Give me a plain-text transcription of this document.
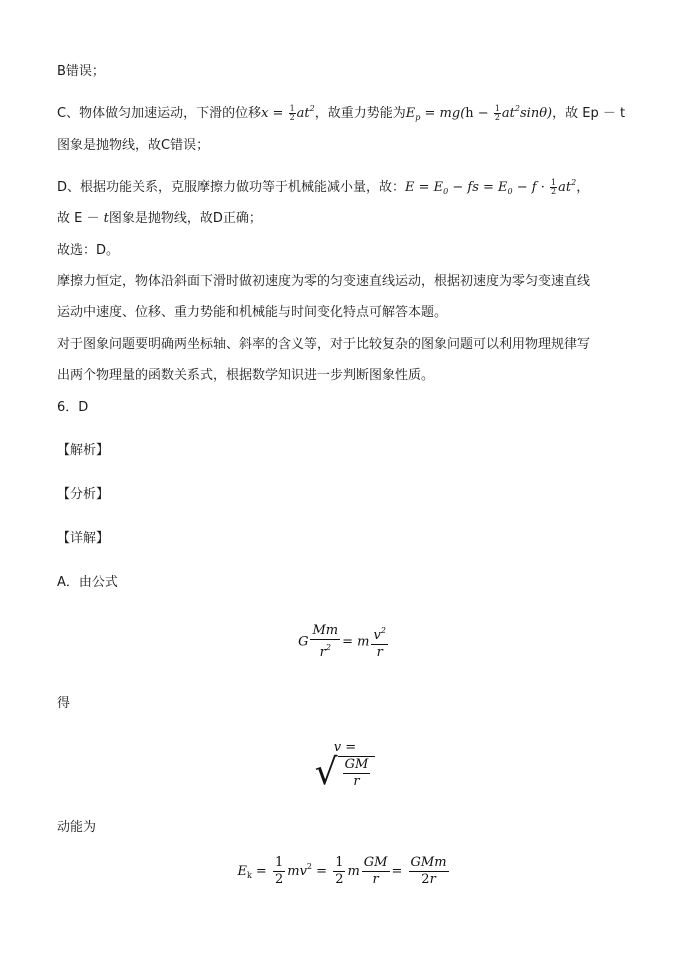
B错误；
C、物体做匀加速运动，下滑的位移$x = \frac{1}{2} at^2$，故重力势能为$E_p = mg(h - \frac{1}{2} at^2\sin\theta)$，故 Ep － t
图象是抛物线，故C错误；
D、根据功能关系，克服摩擦力做功等于机械能减小量，故：$E = E_0$ − fs = $E_0 - f \cdot \frac{1}{2} at^2$，
故 E － t图象是抛物线，故D正确；
故选：D。
摩擦力恒定，物体沿斜面下滑时做初速度为零的匀变速直线运动，根据初速度为零匀变速直线
运动中速度、位移、重力势能和机械能与时间变化特点可解答本题。
对于图象问题要明确两坐标轴、斜率的含义等，对于比较复杂的图象问题可以利用物理规律写
出两个物理量的函数关系式，根据数学知识进一步判断图象性质。
6．D
【解析】
【分析】
【详解】
A．由公式
G $\frac{Mm}{r^2} = m \frac{v^2}{r}$
得
v = √ $\frac{GM}{r}$
动能为
$E_k = \frac{1}{2} mv^2 = \frac{1}{2}$ m $\frac{GM}{r}$ =
GMm
2r
